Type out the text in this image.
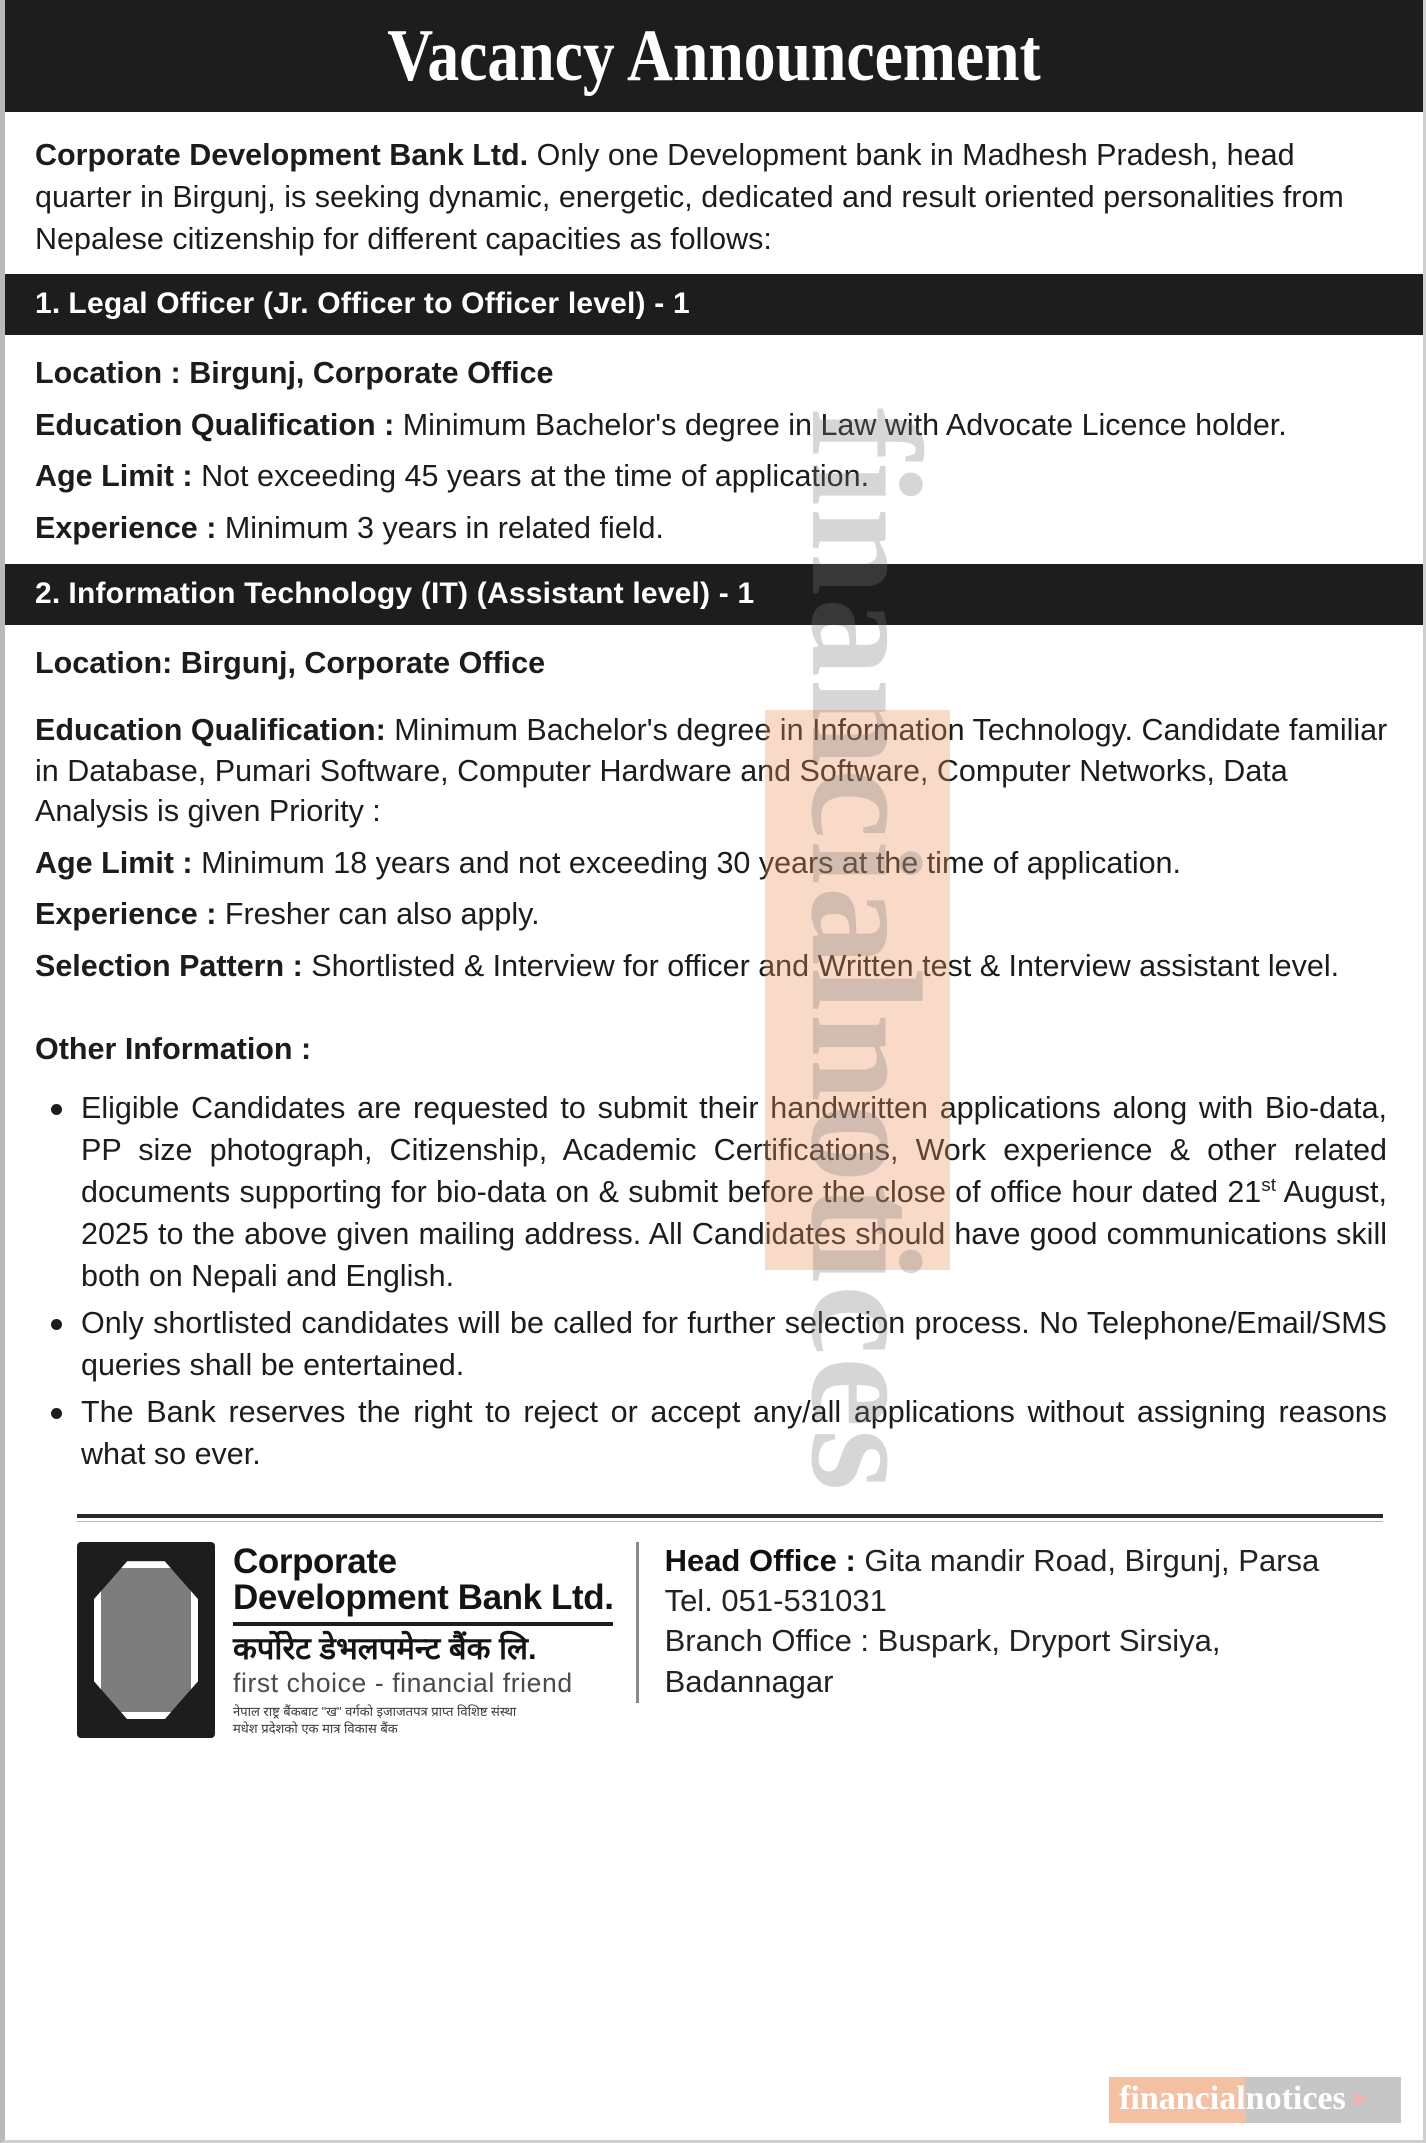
financialnotices
Vacancy Announcement
Corporate Development Bank Ltd. Only one Development bank in Madhesh Pradesh, head quarter in Birgunj, is seeking dynamic, energetic, dedicated and result oriented personalities from Nepalese citizenship for different capacities as follows:
1. Legal Officer (Jr. Officer to Officer level) - 1

Location : Birgunj, Corporate Office

Education Qualification : Minimum Bachelor's degree in Law with Advocate Licence holder.

Age Limit : Not exceeding 45 years at the time of application.

Experience : Minimum 3 years in related field.

2. Information Technology (IT) (Assistant level) - 1

Location: Birgunj, Corporate Office

Education Qualification: Minimum Bachelor's degree in Information Technology. Candidate familiar in Database, Pumari Software, Computer Hardware and Software, Computer Networks, Data Analysis is given Priority :

Age Limit : Minimum 18 years and not exceeding 30 years at the time of application.

Experience : Fresher can also apply.

Selection Pattern : Shortlisted & Interview for officer and Written test & Interview assistant level.

Other Information :
Eligible Candidates are requested to submit their handwritten applications along with Bio-data, PP size photograph, Citizenship, Academic Certifications, Work experience & other related documents supporting for bio-data on & submit before the close of office hour dated 21st August, 2025 to the above given mailing address. All Candidates should have good communications skill both on Nepali and English.
Only shortlisted candidates will be called for further selection process. No Telephone/Email/SMS queries shall be entertained.
The Bank reserves the right to reject or accept any/all applications without assigning reasons what so ever.
Corporate
Development Bank Ltd.
कर्पोरेट डेभलपमेन्ट बैंक लि.
first choice - financial friend
नेपाल राष्ट्र बैंकबाट "ख" वर्गको इजाजतपत्र प्राप्त विशिष्ट संस्था
मधेश प्रदेशको एक मात्र विकास बैंक
Head Office : Gita mandir Road, Birgunj, Parsa
Tel. 051-531031
Branch Office : Buspark, Dryport Sirsiya,
Badannagar
financial notices
